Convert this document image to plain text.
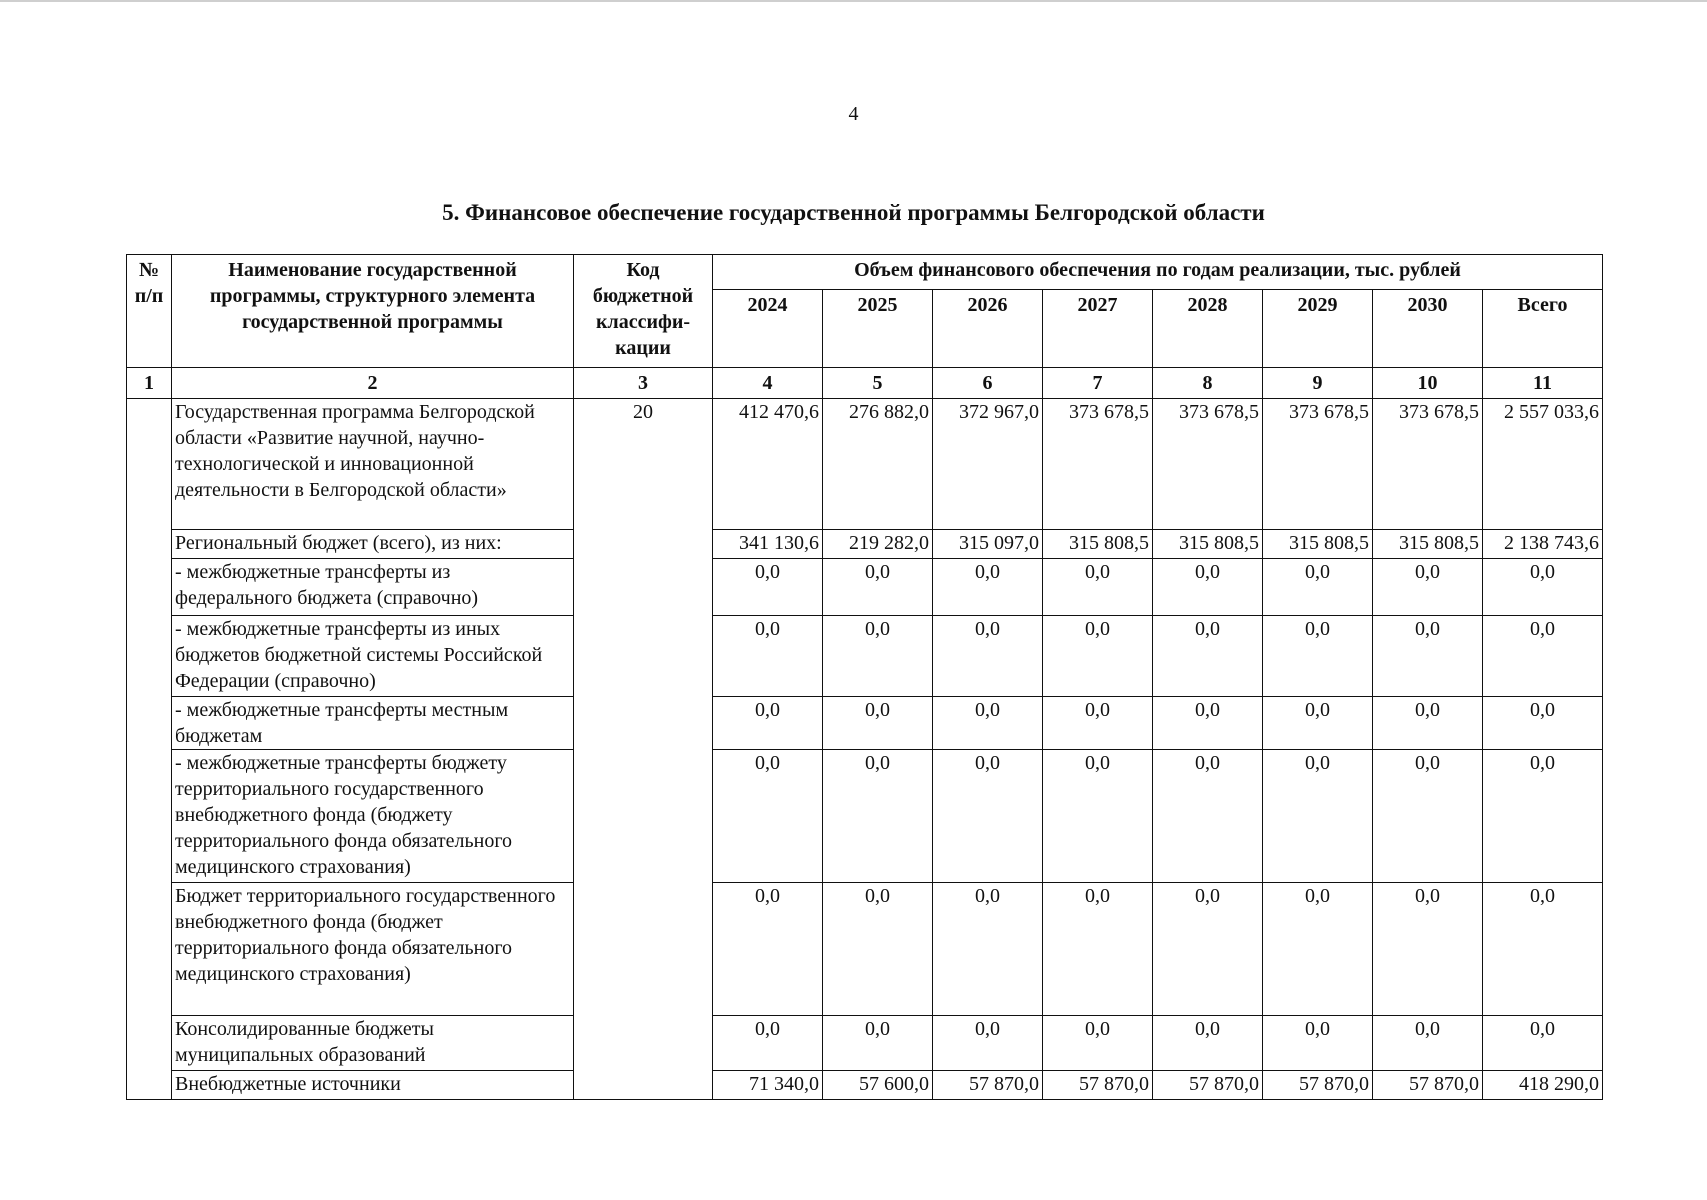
4
5. Финансовое обеспечение государственной программы Белгородской области
№ п/п	Наименование государственной программы, структурного элемента государственной программы	Код бюджетной классифи-кации	Объем финансового обеспечения по годам реализации, тыс. рублей							
			2024	2025	2026	2027	2028	2029	2030	Всего
1	2	3	4	5	6	7	8	9	10	11
	Государственная программа Белгородской области «Развитие научной, научно-технологической и инновационной деятельности в Белгородской области»	20	412 470,6	276 882,0	372 967,0	373 678,5	373 678,5	373 678,5	373 678,5	2 557 033,6
	Региональный бюджет (всего), из них:		341 130,6	219 282,0	315 097,0	315 808,5	315 808,5	315 808,5	315 808,5	2 138 743,6
	- межбюджетные трансферты из федерального бюджета (справочно)		0,0	0,0	0,0	0,0	0,0	0,0	0,0	0,0
	- межбюджетные трансферты из иных бюджетов бюджетной системы Российской Федерации (справочно)		0,0	0,0	0,0	0,0	0,0	0,0	0,0	0,0
	- межбюджетные трансферты местным бюджетам		0,0	0,0	0,0	0,0	0,0	0,0	0,0	0,0
	- межбюджетные трансферты бюджету территориального государственного внебюджетного фонда (бюджету территориального фонда обязательного медицинского страхования)		0,0	0,0	0,0	0,0	0,0	0,0	0,0	0,0
	Бюджет территориального государственного внебюджетного фонда (бюджет территориального фонда обязательного медицинского страхования)		0,0	0,0	0,0	0,0	0,0	0,0	0,0	0,0
	Консолидированные бюджеты муниципальных образований		0,0	0,0	0,0	0,0	0,0	0,0	0,0	0,0
	Внебюджетные источники		71 340,0	57 600,0	57 870,0	57 870,0	57 870,0	57 870,0	57 870,0	418 290,0
